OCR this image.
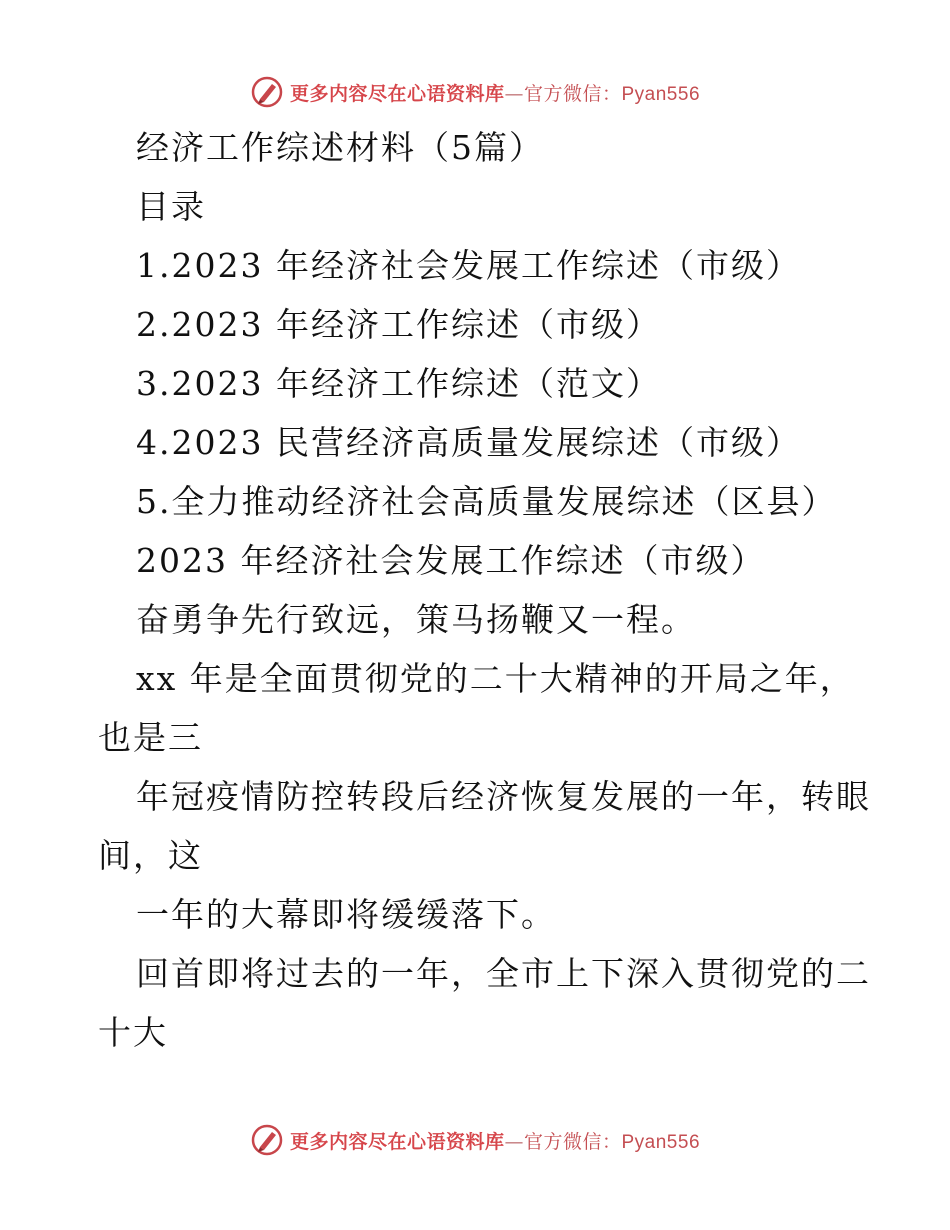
更多内容尽在心语资料库—官方微信：Pyan556
经济工作综述材料（5篇）
目录
1.2023 年经济社会发展工作综述（市级）
2.2023 年经济工作综述（市级）
3.2023 年经济工作综述（范文）
4.2023 民营经济高质量发展综述（市级）
5.全力推动经济社会高质量发展综述（区县）
2023 年经济社会发展工作综述（市级）
奋勇争先行致远，策马扬鞭又一程。
xx 年是全面贯彻党的二十大精神的开局之年，
也是三
年冠疫情防控转段后经济恢复发展的一年，转眼
间，这
一年的大幕即将缓缓落下。
回首即将过去的一年，全市上下深入贯彻党的二
十大
更多内容尽在心语资料库—官方微信：Pyan556
